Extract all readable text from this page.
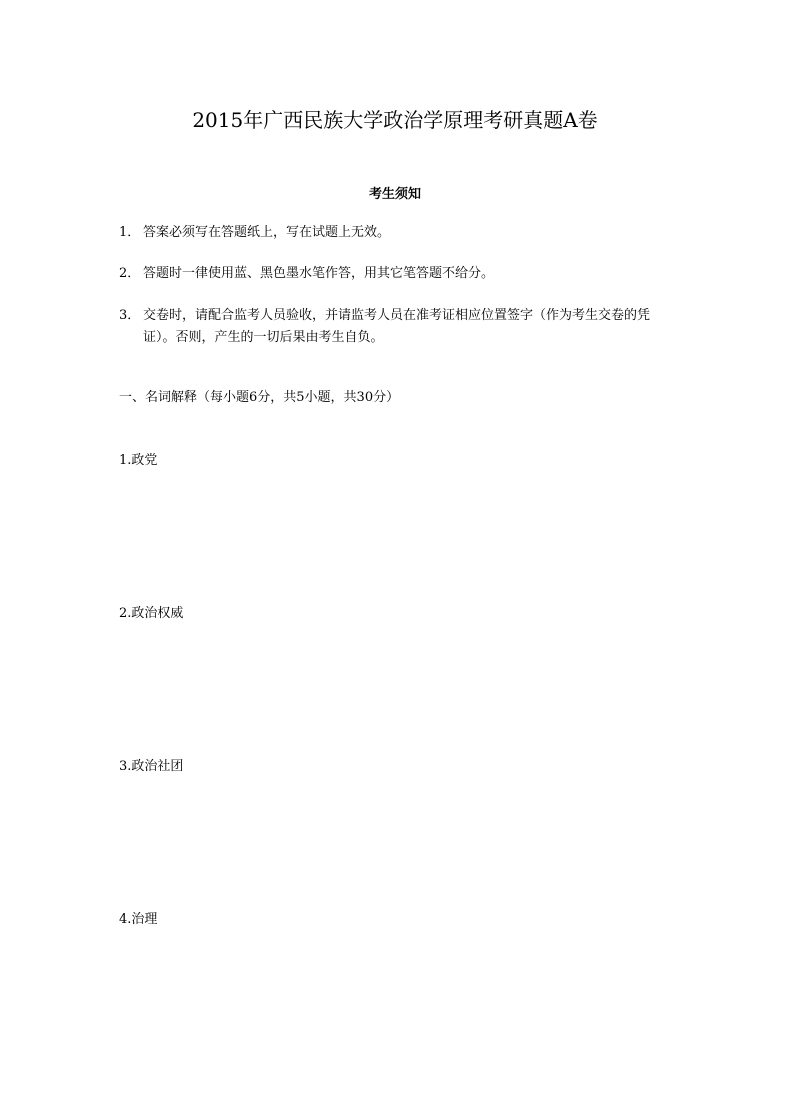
2015年广西民族大学政治学原理考研真题A卷
考生须知
1． 答案必须写在答题纸上，写在试题上无效。
2． 答题时一律使用蓝、黑色墨水笔作答，用其它笔答题不给分。
3． 交卷时，请配合监考人员验收，并请监考人员在准考证相应位置签字（作为考生交卷的凭证）。否则，产生的一切后果由考生自负。
一、名词解释（每小题6分，共5小题，共30分）
1.政党
2.政治权威
3.政治社团
4.治理
